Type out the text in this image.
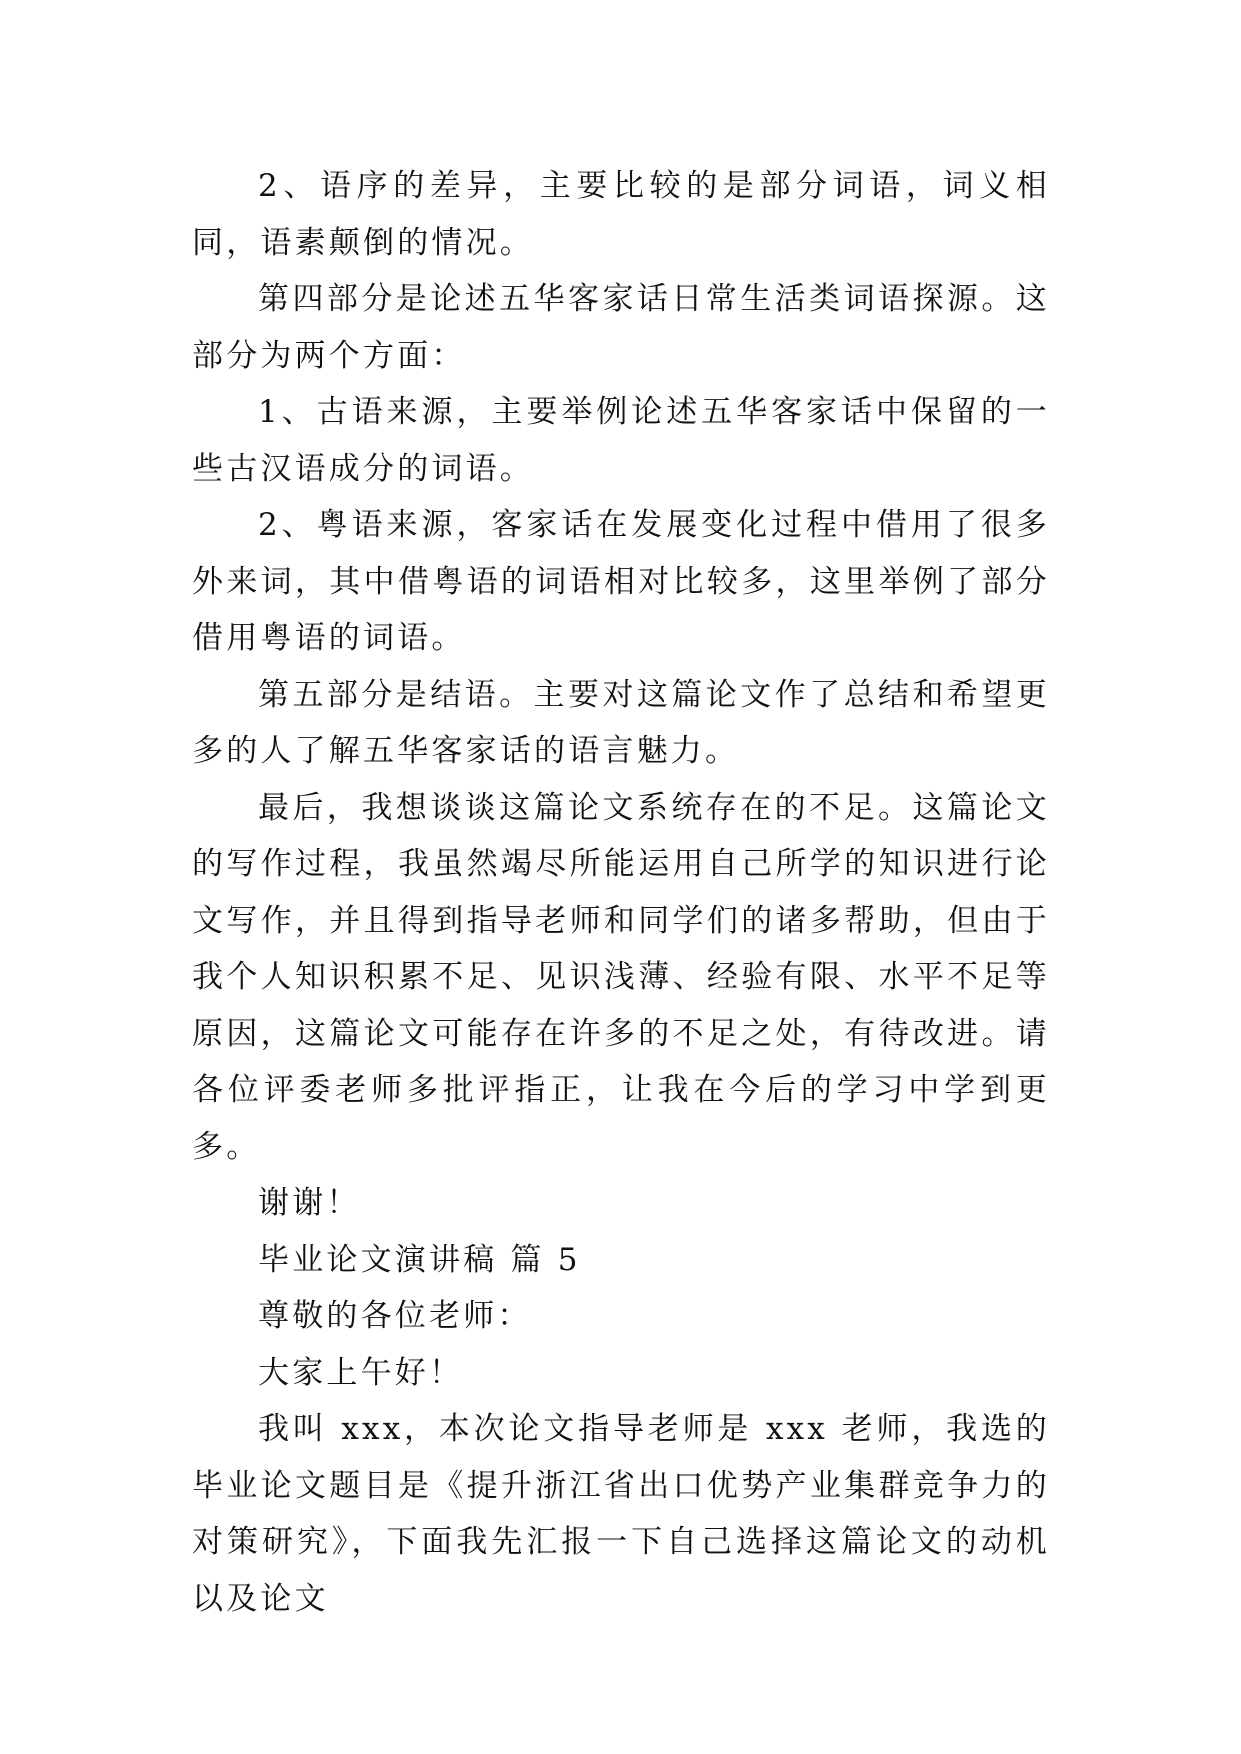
2、语序的差异，主要比较的是部分词语，词义相同，语素颠倒的情况。

第四部分是论述五华客家话日常生活类词语探源。这部分为两个方面：

1、古语来源，主要举例论述五华客家话中保留的一些古汉语成分的词语。

2、粤语来源，客家话在发展变化过程中借用了很多外来词，其中借粤语的词语相对比较多，这里举例了部分借用粤语的词语。

第五部分是结语。主要对这篇论文作了总结和希望更多的人了解五华客家话的语言魅力。

最后，我想谈谈这篇论文系统存在的不足。这篇论文的写作过程，我虽然竭尽所能运用自己所学的知识进行论文写作，并且得到指导老师和同学们的诸多帮助，但由于我个人知识积累不足、见识浅薄、经验有限、水平不足等原因，这篇论文可能存在许多的不足之处，有待改进。请各位评委老师多批评指正，让我在今后的学习中学到更多。

谢谢！

毕业论文演讲稿 篇 5

尊敬的各位老师：

大家上午好！

我叫 xxx，本次论文指导老师是 xxx 老师，我选的毕业论文题目是《提升浙江省出口优势产业集群竞争力的对策研究》，下面我先汇报一下自己选择这篇论文的动机以及论文
